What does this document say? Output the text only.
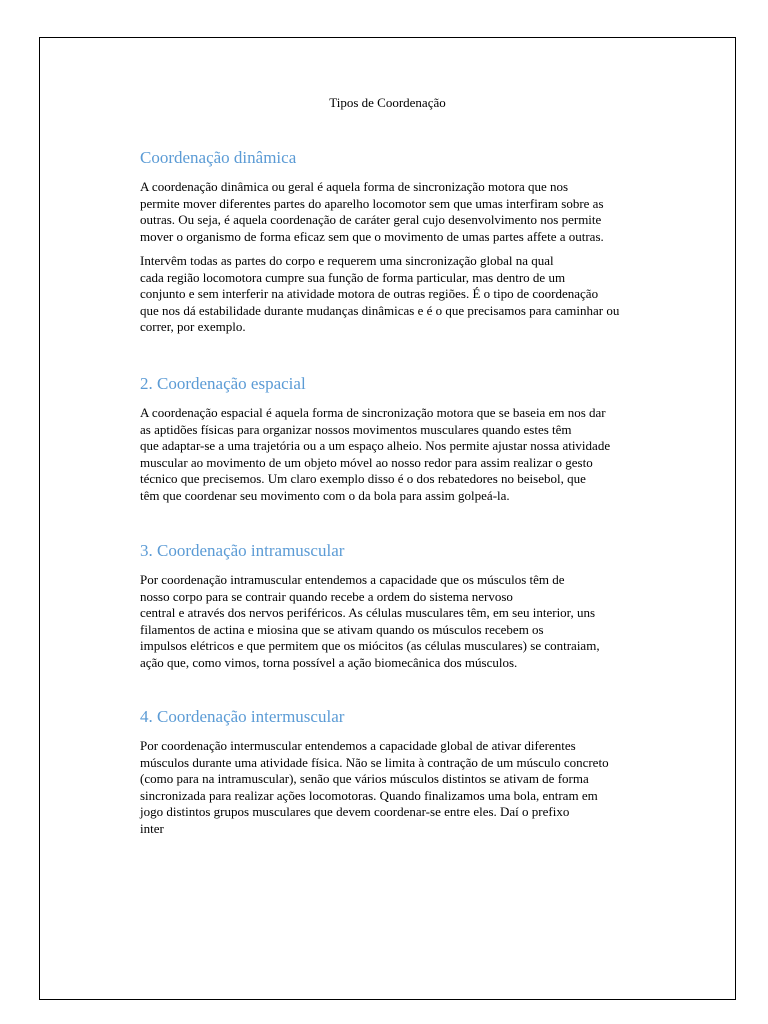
Tipos de Coordenação
Coordenação dinâmica

A coordenação dinâmica ou geral é aquela forma de sincronização motora que nos
permite mover diferentes partes do aparelho locomotor sem que umas interfiram sobre as
outras. Ou seja, é aquela coordenação de caráter geral cujo desenvolvimento nos permite
mover o organismo de forma eficaz sem que o movimento de umas partes affete a outras.

Intervêm todas as partes do corpo e requerem uma sincronização global na qual
cada região locomotora cumpre sua função de forma particular, mas dentro de um
conjunto e sem interferir na atividade motora de outras regiões. É o tipo de coordenação
que nos dá estabilidade durante mudanças dinâmicas e é o que precisamos para caminhar ou
correr, por exemplo.

2. Coordenação espacial

A coordenação espacial é aquela forma de sincronização motora que se baseia em nos dar
as aptidões físicas para organizar nossos movimentos musculares quando estes têm
que adaptar-se a uma trajetória ou a um espaço alheio. Nos permite ajustar nossa atividade
muscular ao movimento de um objeto móvel ao nosso redor para assim realizar o gesto
técnico que precisemos. Um claro exemplo disso é o dos rebatedores no beisebol, que
têm que coordenar seu movimento com o da bola para assim golpeá-la.

3. Coordenação intramuscular

Por coordenação intramuscular entendemos a capacidade que os músculos têm de
nosso corpo para se contrair quando recebe a ordem do sistema nervoso
central e através dos nervos periféricos. As células musculares têm, em seu interior, uns
filamentos de actina e miosina que se ativam quando os músculos recebem os
impulsos elétricos e que permitem que os miócitos (as células musculares) se contraiam,
ação que, como vimos, torna possível a ação biomecânica dos músculos.

4. Coordenação intermuscular

Por coordenação intermuscular entendemos a capacidade global de ativar diferentes
músculos durante uma atividade física. Não se limita à contração de um músculo concreto
(como para na intramuscular), senão que vários músculos distintos se ativam de forma
sincronizada para realizar ações locomotoras. Quando finalizamos uma bola, entram em
jogo distintos grupos musculares que devem coordenar-se entre eles. Daí o prefixo
inter
